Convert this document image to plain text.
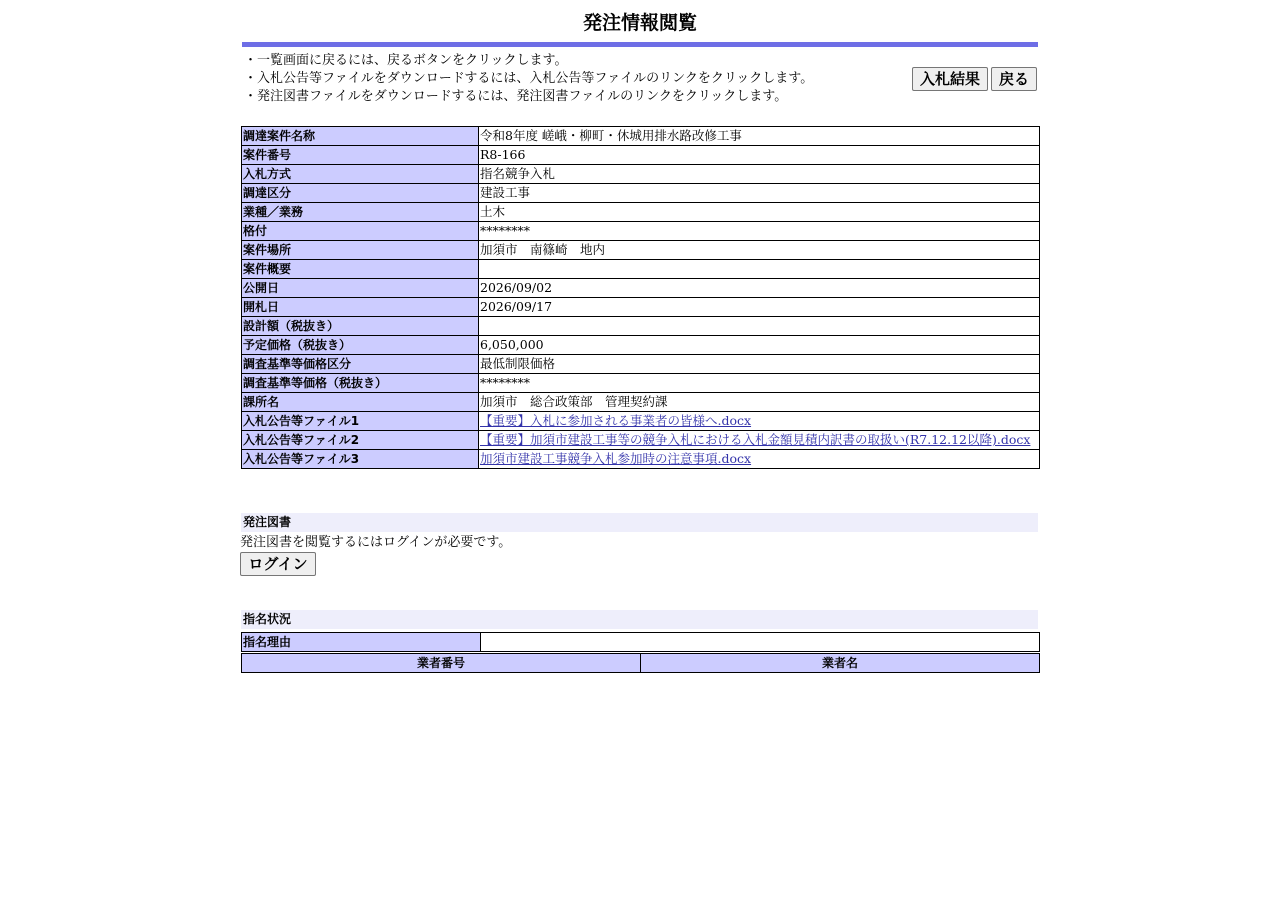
発注情報閲覧
・一覧画面に戻るには、戻るボタンをクリックします。
・入札公告等ファイルをダウンロードするには、入札公告等ファイルのリンクをクリックします。
・発注図書ファイルをダウンロードするには、発注図書ファイルのリンクをクリックします。
入札結果	戻る
調達案件名称	令和8年度 嵯峨・柳町・休城用排水路改修工事
案件番号	R8-166
入札方式	指名競争入札
調達区分	建設工事
業種／業務	土木
格付	********
案件場所	加須市　南篠崎　地内
案件概要	
公開日	2026/09/02
開札日	2026/09/17
設計額（税抜き）	
予定価格（税抜き）	6,050,000
調査基準等価格区分	最低制限価格
調査基準等価格（税抜き）	********
課所名	加須市　総合政策部　管理契約課
入札公告等ファイル1	【重要】入札に参加される事業者の皆様へ.docx
入札公告等ファイル2	【重要】加須市建設工事等の競争入札における入札金額見積内訳書の取扱い(R7.12.12以降).docx
入札公告等ファイル3	加須市建設工事競争入札参加時の注意事項.docx
発注図書
発注図書を閲覧するにはログインが必要です。
ログイン
指名状況
指名理由	
業者番号	業者名
